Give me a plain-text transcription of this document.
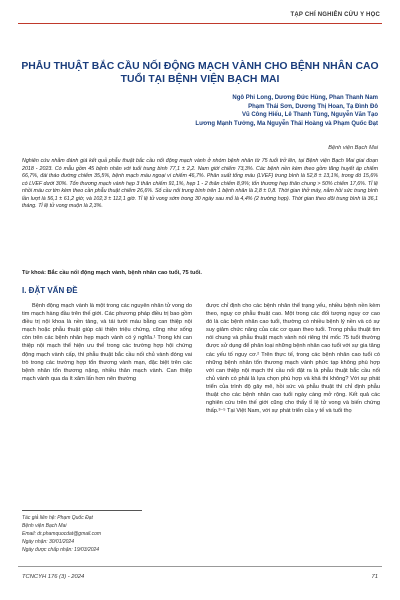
TẠP CHÍ NGHIÊN CỨU Y HỌC
PHẪU THUẬT BẮC CẦU NỐI ĐỘNG MẠCH VÀNH CHO BỆNH NHÂN CAO TUỔI TẠI BỆNH VIỆN BẠCH MAI
Ngô Phi Long, Dương Đức Hùng, Phan Thanh Nam
Phạm Thái Sơn, Dương Thị Hoan, Tạ Đình Đô
Vũ Công Hiểu, Lê Thanh Tùng, Nguyễn Văn Tạo
Lương Mạnh Tưởng, Ma Nguyễn Thái Hoàng và Phạm Quốc Đạt
Bệnh viện Bạch Mai
Nghiên cứu nhằm đánh giá kết quả phẫu thuật bắc cầu nối động mạch vành ở nhóm bệnh nhân từ 75 tuổi trở lên, tại Bệnh viện Bạch Mai giai đoạn 2018 - 2023. Có mẫu gồm 45 bệnh nhân với tuổi trung bình 77,1 ± 2,2. Nam giới chiếm 73,3%. Các bệnh nền kèm theo gồm tăng huyết áp chiếm 66,7%, đái tháo đường chiếm 35,5%, bệnh mạch máu ngoại vi chiếm 46,7%. Phân suất tống máu (LVEF) trung bình là 52,8 ± 13,1%, trong đó 15,6% có LVEF dưới 30%. Tổn thương mạch vành hẹp 3 thân chiếm 91,1%, hẹp 1 - 2 thân chiếm 8,9%; tổn thương hẹp thân chung > 50% chiếm 17,6%. Tỉ lệ nhồi máu cơ tim kèm theo cần phẫu thuật chiếm 26,6%. Số cầu nối trung bình trên 1 bệnh nhân là 2,8 ± 0,8. Thời gian thở máy, nằm hồi sức trung bình lần lượt là 56,1 ± 61,2 giờ, và 102,3 ± 112,1 giờ. Tỉ lệ tử vong sớm trong 30 ngày sau mổ là 4,4% (2 trường hợp). Thời gian theo dõi trung bình là 36,1 tháng. Tỉ lệ tử vong muộn là 2,3%.
Từ khoá: Bắc cầu nối động mạch vành, bệnh nhân cao tuổi, 75 tuổi.
I. ĐẶT VẤN ĐỀ

Bệnh động mạch vành là một trong các nguyên nhân tử vong do tim mạch hàng đầu trên thế giới. Các phương pháp điều trị bao gồm điều trị nội khoa là nền tảng, và tái tưới máu bằng can thiệp nội mạch hoặc phẫu thuật giúp cải thiện triệu chứng, cũng như sống còn trên các bệnh nhân hẹp mạch vành có ý nghĩa.¹ Trong khi can thiệp nội mạch thể hiện ưu thế trong các trường hợp hội chứng động mạch vành cấp, thì phẫu thuật bắc cầu nối chủ vành đóng vai trò trong các trường hợp tổn thương vành mạn, đặc biệt trên các bệnh nhân tổn thương nặng, nhiều thân mạch vành. Can thiệp mạch vành qua da ít xâm lấn hơn nên thường

được chỉ định cho các bệnh nhân thể trạng yếu, nhiều bệnh nền kèm theo, nguy cơ phẫu thuật cao. Một trong các đối tượng nguy cơ cao đó là các bệnh nhân cao tuổi, thường có nhiều bệnh lý nền và có sự suy giảm chức năng của các cơ quan theo tuổi. Trong phẫu thuật tim nói chung và phẫu thuật mạch vành nói riêng thì mốc 75 tuổi thường được sử dụng để phân loại những bệnh nhân cao tuổi với sự gia tăng các yếu tố nguy cơ.² Trên thực tế, trong các bệnh nhân cao tuổi có những bệnh nhân tổn thương mạch vành phức tạp không phù hợp với can thiệp nội mạch thì cầu nối đặt ra là phẫu thuật bắc cầu nối chủ vành có phải là lựa chọn phù hợp và khả thi không? Với sự phát triển của trình độ gây mê, hồi sức và phẫu thuật thì chỉ định phẫu thuật cho các bệnh nhân cao tuổi ngày càng mở rộng. Kết quả các nghiên cứu trên thế giới cũng cho thấy tỉ lệ tử vong và biến chứng thấp.³⁻⁵ Tại Việt Nam, với sự phát triển của y tế và tuổi thọ

Tác giả liên hệ: Phạm Quốc Đạt
Bệnh viện Bạch Mai
Email: dr.phamquocdat@gmail.com
Ngày nhận: 30/01/2024
Ngày được chấp nhận: 19/03/2024
TCNCYH 176 (3) - 2024	71
